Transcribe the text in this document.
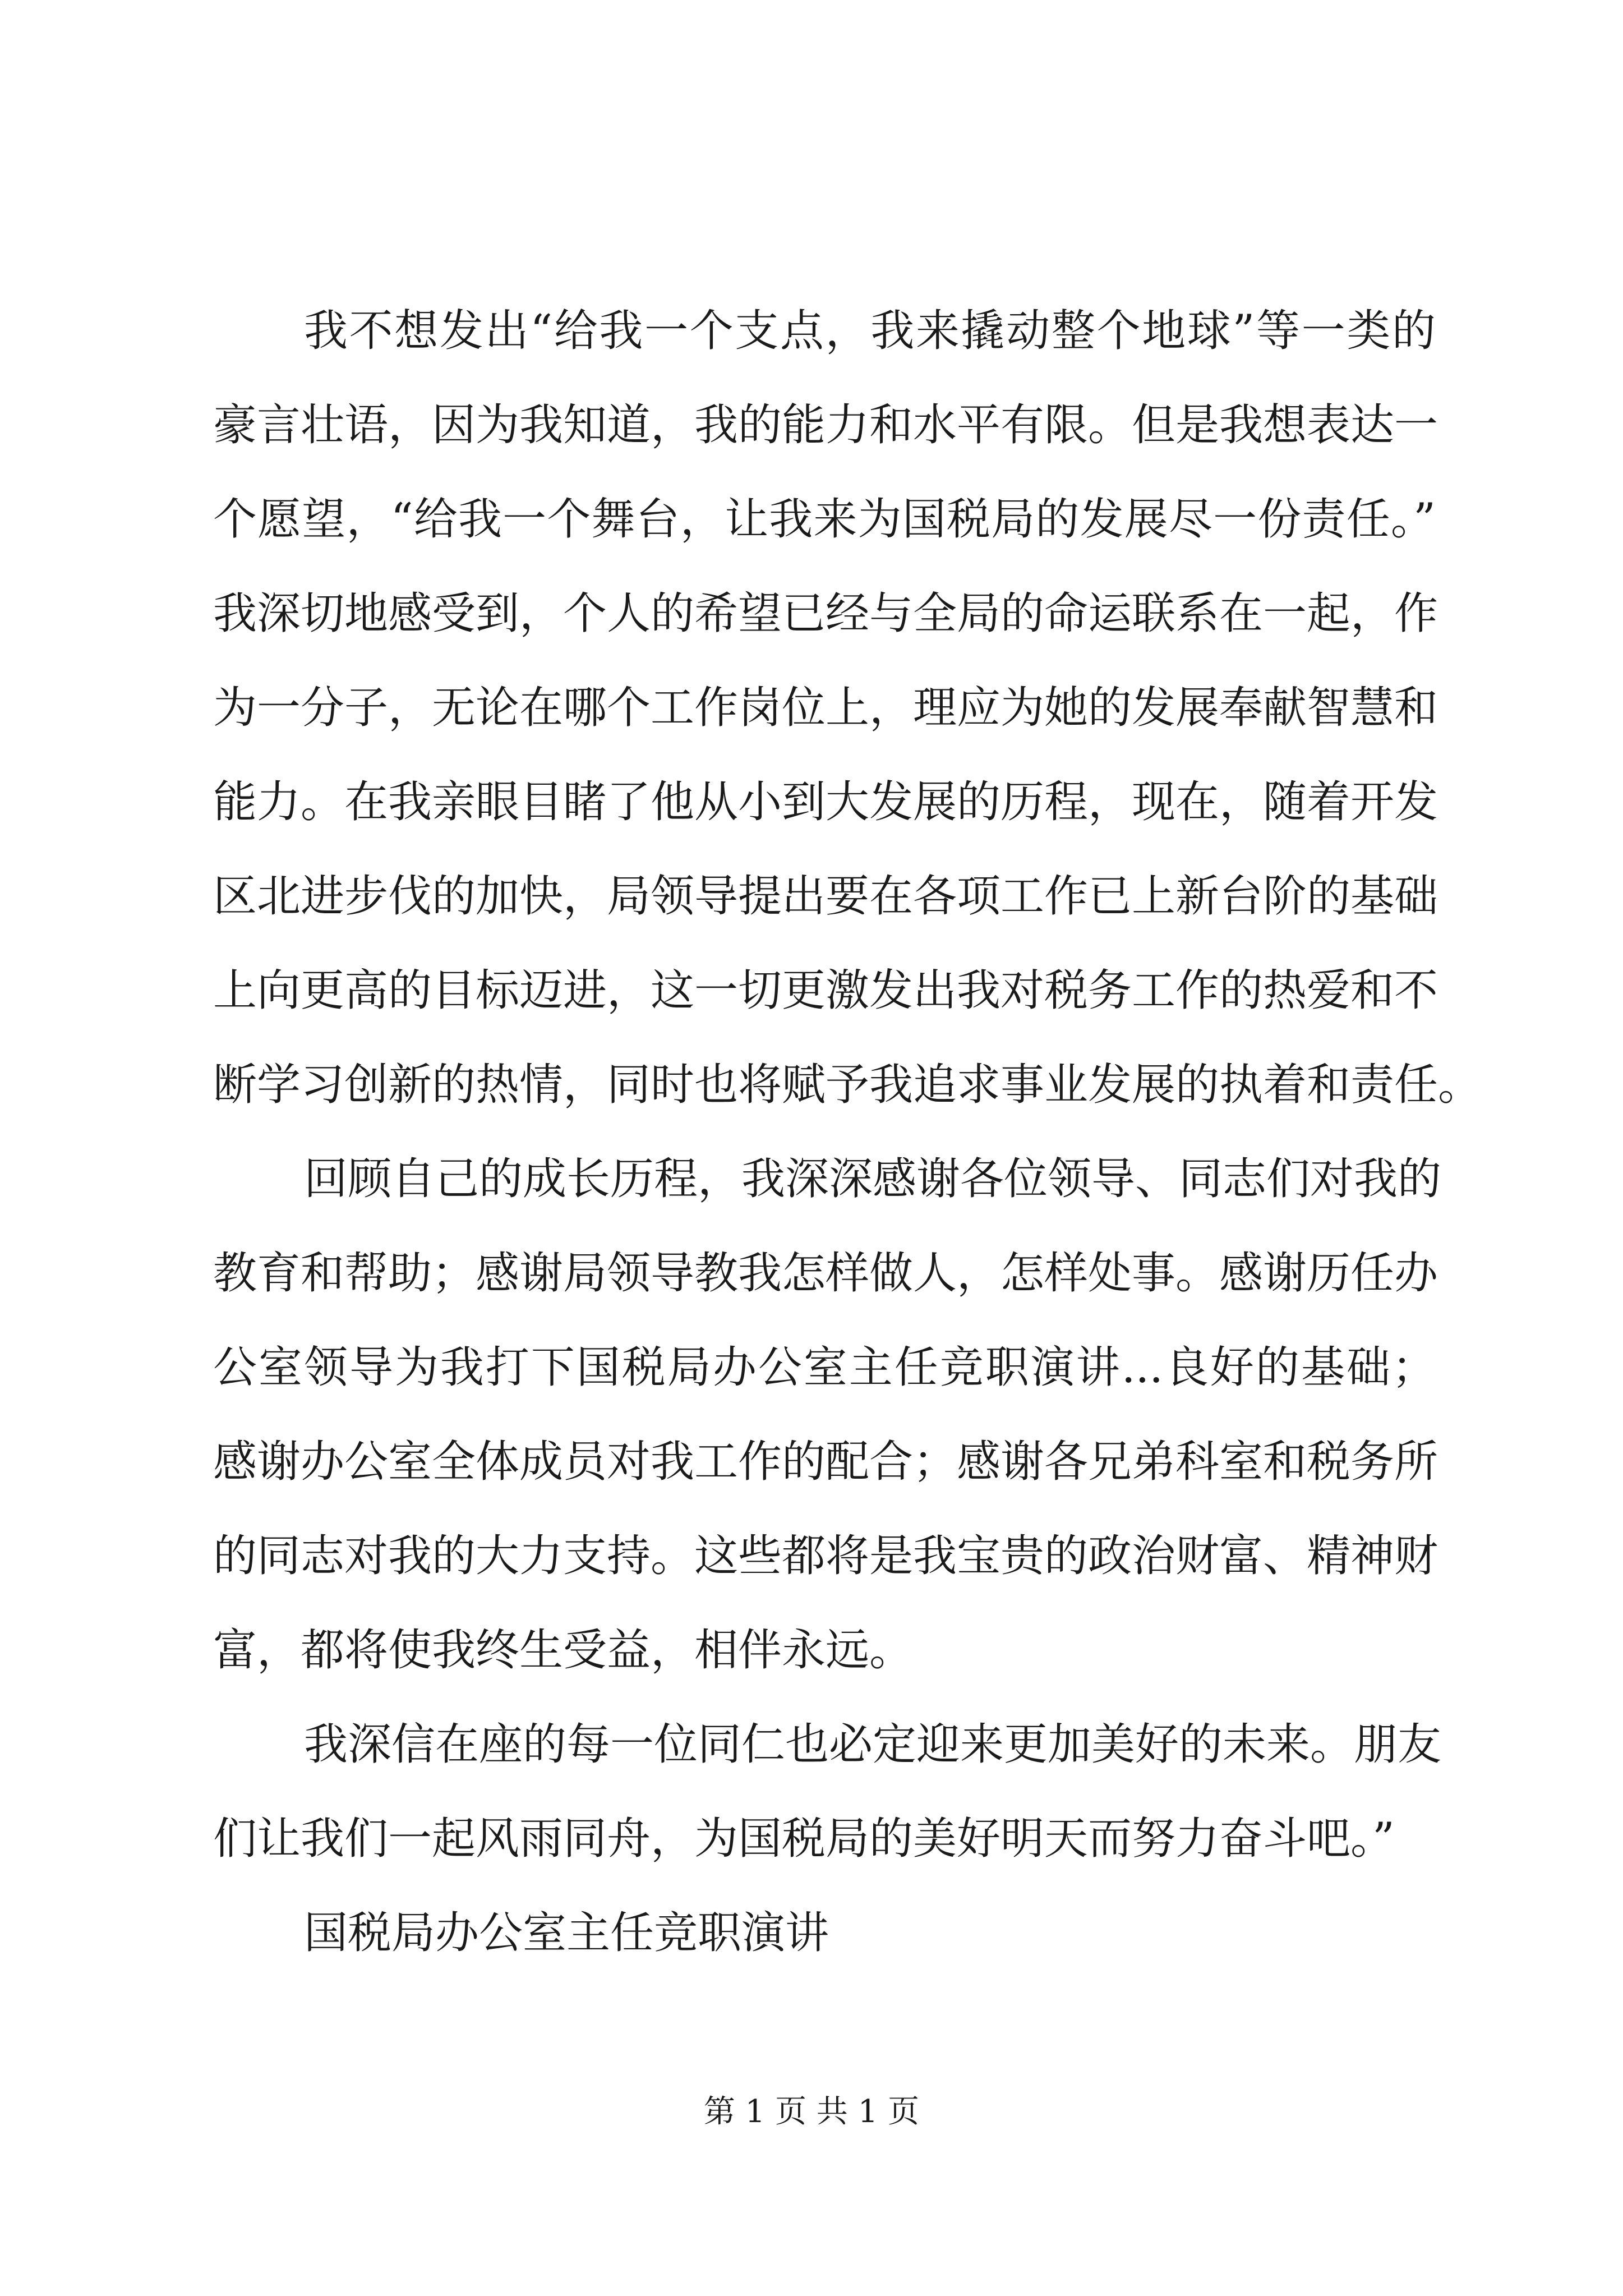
我不想发出“给我一个支点，我来撬动整个地球”等一类的
豪言壮语，因为我知道，我的能力和水平有限。但是我想表达一
个愿望，“给我一个舞台，让我来为国税局的发展尽一份责任。”
我深切地感受到，个人的希望已经与全局的命运联系在一起，作
为一分子，无论在哪个工作岗位上，理应为她的发展奉献智慧和
能力。在我亲眼目睹了他从小到大发展的历程，现在，随着开发
区北进步伐的加快，局领导提出要在各项工作已上新台阶的基础
上向更高的目标迈进，这一切更激发出我对税务工作的热爱和不
断学习创新的热情，同时也将赋予我追求事业发展的执着和责任。
回顾自己的成长历程，我深深感谢各位领导、同志们对我的
教育和帮助；感谢局领导教我怎样做人，怎样处事。感谢历任办
公室领导为我打下国税局办公室主任竞职演讲...良好的基础；
感谢办公室全体成员对我工作的配合；感谢各兄弟科室和税务所
的同志对我的大力支持。这些都将是我宝贵的政治财富、精神财
富，都将使我终生受益，相伴永远。
我深信在座的每一位同仁也必定迎来更加美好的未来。朋友
们让我们一起风雨同舟，为国税局的美好明天而努力奋斗吧。”
国税局办公室主任竞职演讲
第 1 页 共 1 页
